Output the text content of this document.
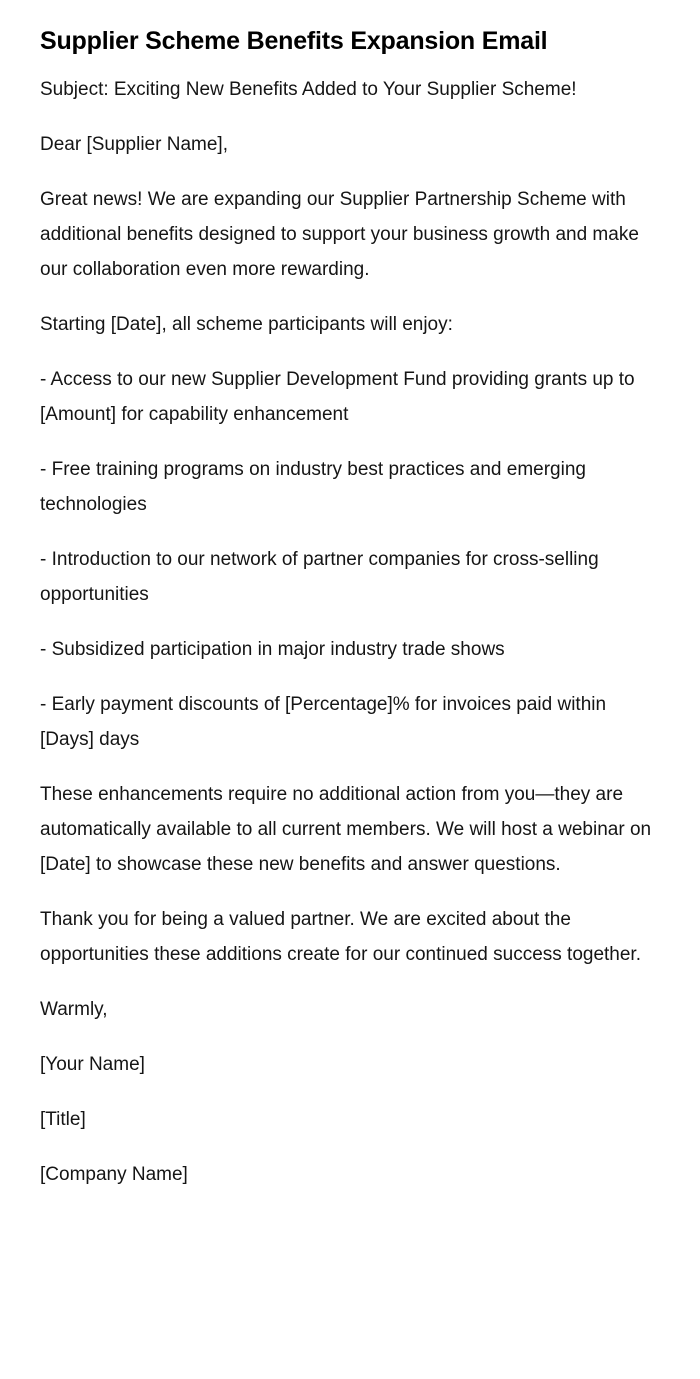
Supplier Scheme Benefits Expansion Email

Subject: Exciting New Benefits Added to Your Supplier Scheme!

Dear [Supplier Name],

Great news! We are expanding our Supplier Partnership Scheme with additional benefits designed to support your business growth and make our collaboration even more rewarding.

Starting [Date], all scheme participants will enjoy:

- Access to our new Supplier Development Fund providing grants up to [Amount] for capability enhancement

- Free training programs on industry best practices and emerging technologies

- Introduction to our network of partner companies for cross-selling opportunities

- Subsidized participation in major industry trade shows

- Early payment discounts of [Percentage]% for invoices paid within [Days] days

These enhancements require no additional action from you—they are automatically available to all current members. We will host a webinar on [Date] to showcase these new benefits and answer questions.

Thank you for being a valued partner. We are excited about the opportunities these additions create for our continued success together.

Warmly,

[Your Name]

[Title]

[Company Name]
